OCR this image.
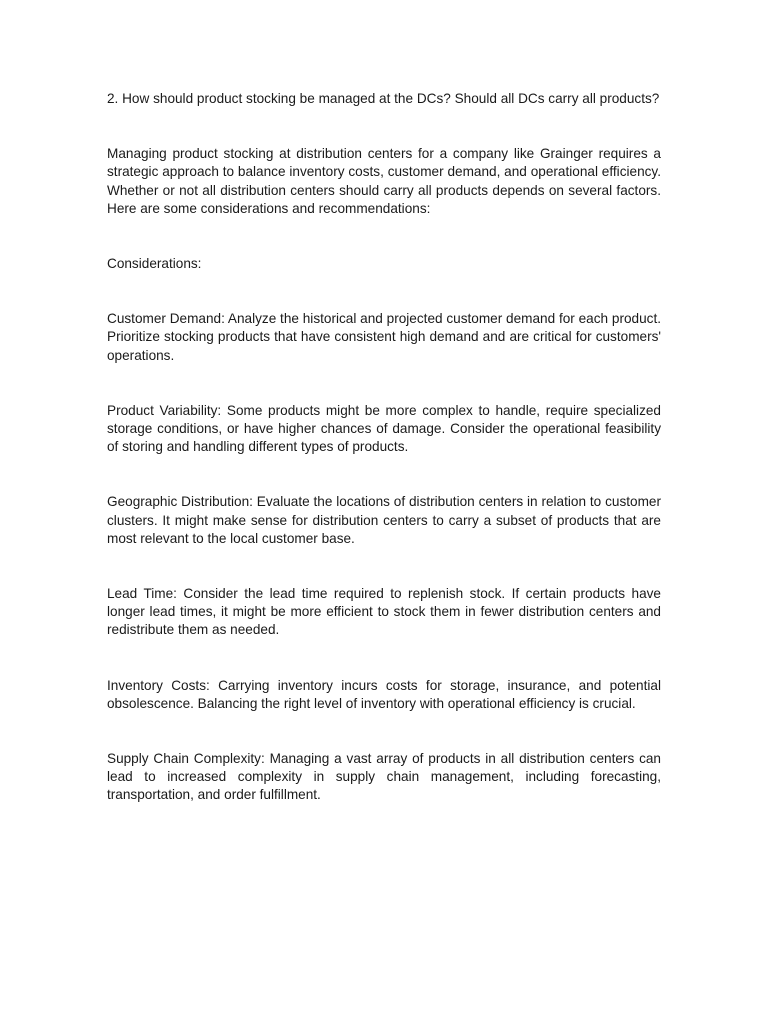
2. How should product stocking be managed at the DCs? Should all DCs carry all products?

Managing product stocking at distribution centers for a company like Grainger requires a strategic approach to balance inventory costs, customer demand, and operational efficiency. Whether or not all distribution centers should carry all products depends on several factors. Here are some considerations and recommendations:

Considerations:

Customer Demand: Analyze the historical and projected customer demand for each product. Prioritize stocking products that have consistent high demand and are critical for customers' operations.

Product Variability: Some products might be more complex to handle, require specialized storage conditions, or have higher chances of damage. Consider the operational feasibility of storing and handling different types of products.

Geographic Distribution: Evaluate the locations of distribution centers in relation to customer clusters. It might make sense for distribution centers to carry a subset of products that are most relevant to the local customer base.

Lead Time: Consider the lead time required to replenish stock. If certain products have longer lead times, it might be more efficient to stock them in fewer distribution centers and redistribute them as needed.

Inventory Costs: Carrying inventory incurs costs for storage, insurance, and potential obsolescence. Balancing the right level of inventory with operational efficiency is crucial.

Supply Chain Complexity: Managing a vast array of products in all distribution centers can lead to increased complexity in supply chain management, including forecasting, transportation, and order fulfillment.
